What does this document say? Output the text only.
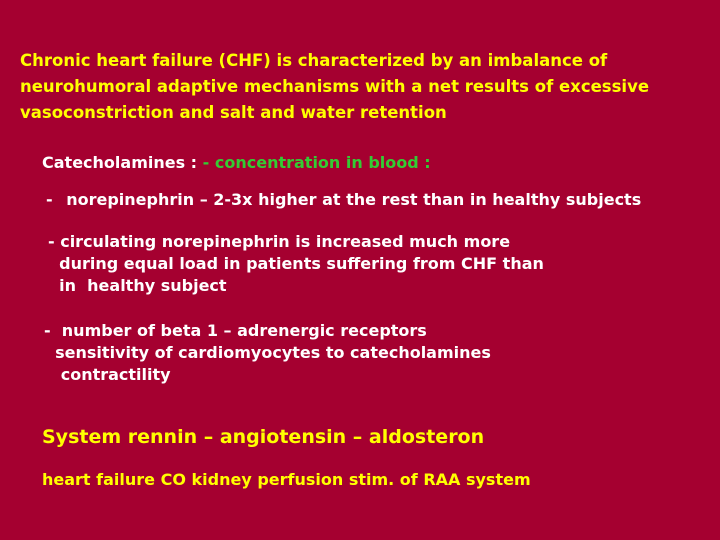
Chronic heart failure (CHF) is characterized by an imbalance of
neurohumoral adaptive mechanisms with a net results of excessive
vasoconstriction and salt and water retention
Catecholamines : - concentration in blood :
- norepinephrin – 2-3x higher at the rest than in healthy subjects
- circulating norepinephrin is increased much more
during equal load in patients suffering from CHF than
in  healthy subject
-  number of beta 1 – adrenergic receptors
sensitivity of cardiomyocytes to catecholamines
contractility
System rennin – angiotensin – aldosteron
heart failure CO kidney perfusion stim. of RAA system
